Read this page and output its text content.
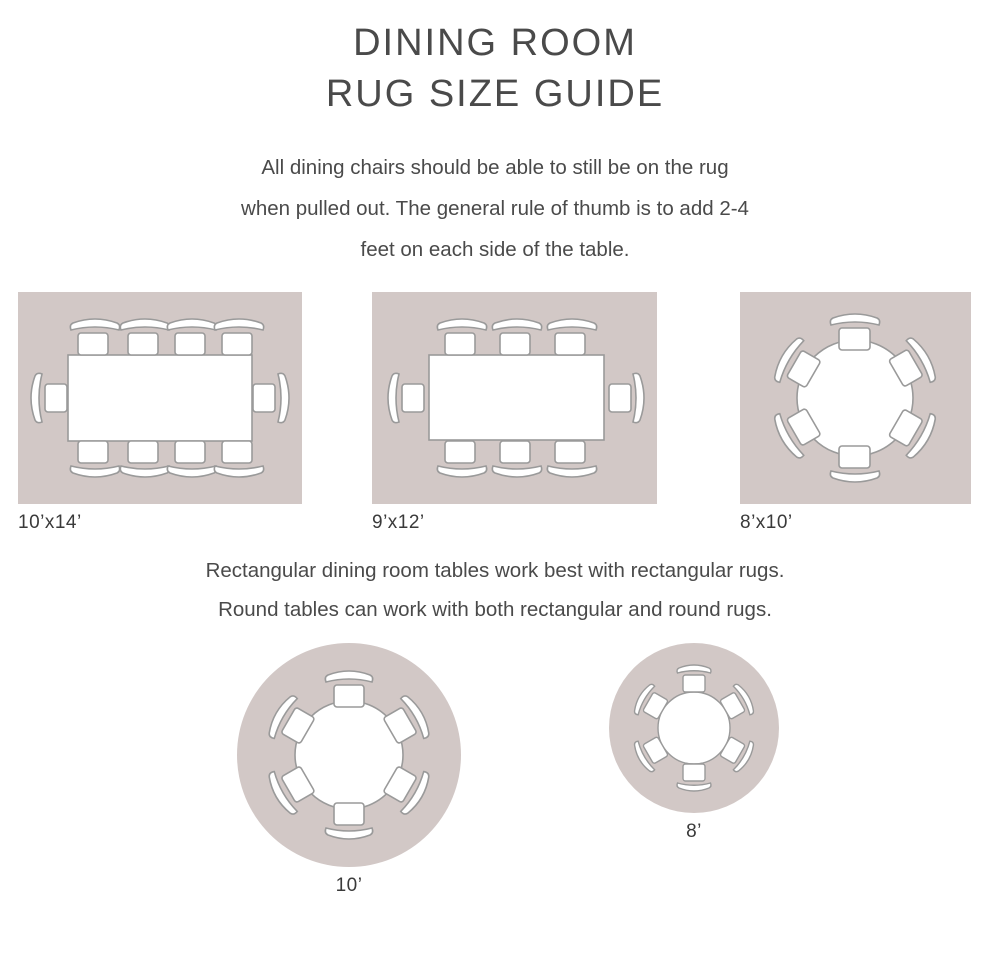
DINING ROOM
RUG SIZE GUIDE
All dining chairs should be able to still be on the rug
when pulled out. The general rule of thumb is to add 2-4
feet on each side of the table.
10’x14’	9’x12’	8’x10’
Rectangular dining room tables work best with rectangular rugs.
Round tables can work with both rectangular and round rugs.
10’
8’
